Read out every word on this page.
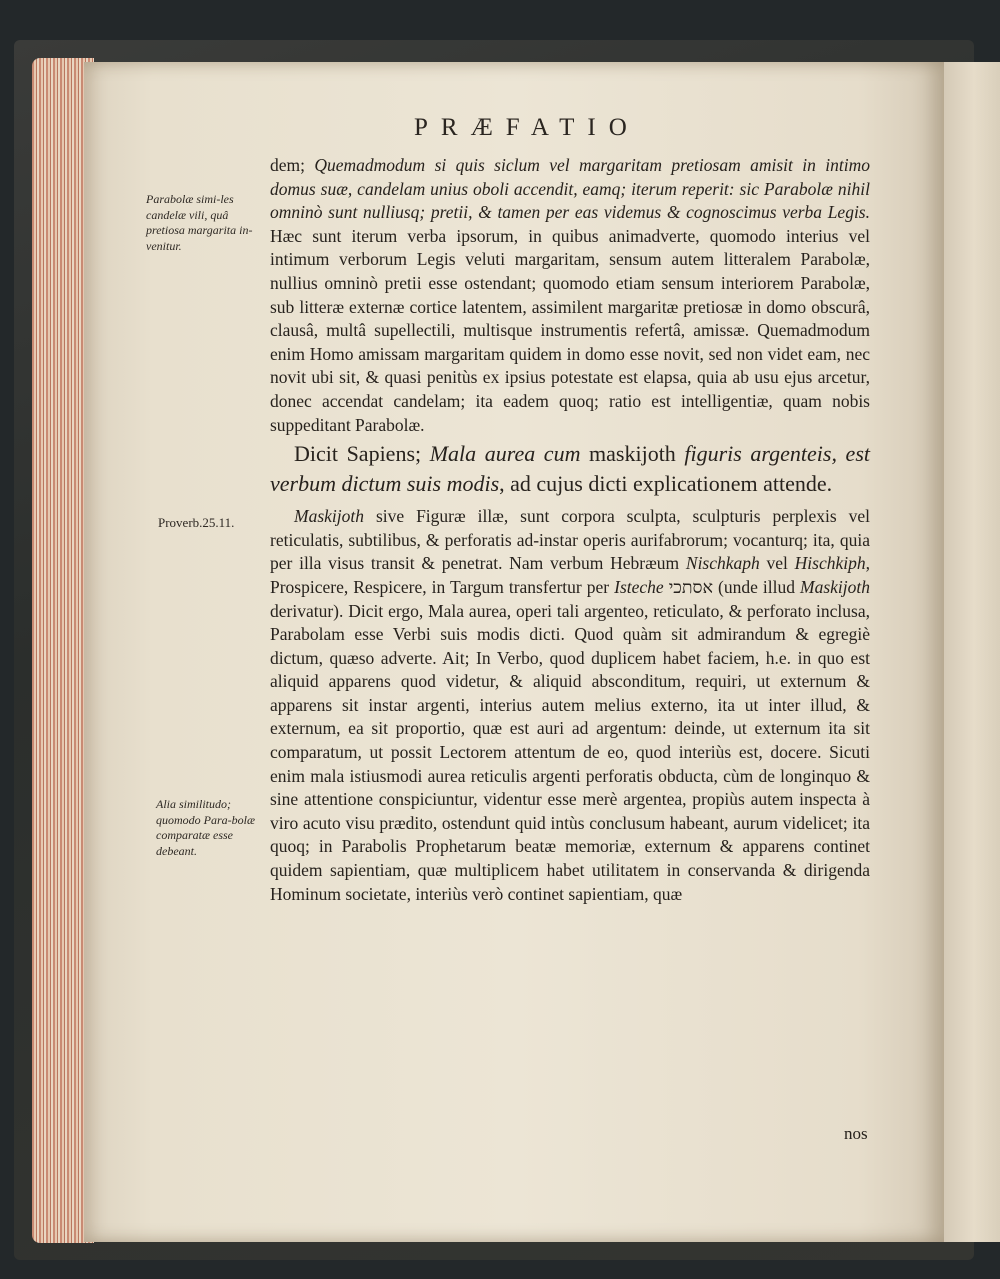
PRÆFATIO
Parabolæ simi-les candelæ vili, quâ pretiosa margarita in-venitur.
Proverb.25.11.
Alia similitudo; quomodo Para-bolæ comparatæ esse debeant.

dem; Quemadmodum si quis siclum vel margaritam pretiosam amisit in intimo domus suæ, candelam unius oboli accendit, eamq; iterum reperit: sic Parabolæ nihil omninò sunt nulliusq; pretii, & tamen per eas videmus & cognoscimus verba Legis. Hæc sunt iterum verba ipsorum, in quibus animadverte, quomodo interius vel intimum verborum Legis veluti margaritam, sensum autem litteralem Parabolæ, nullius omninò pretii esse ostendant; quomodo etiam sensum interiorem Parabolæ, sub litteræ externæ cortice latentem, assimilent margaritæ pretiosæ in domo obscurâ, clausâ, multâ supellectili, multisque instrumentis refertâ, amissæ. Quemadmodum enim Homo amissam margaritam quidem in domo esse novit, sed non videt eam, nec novit ubi sit, & quasi penitùs ex ipsius potestate est elapsa, quia ab usu ejus arcetur, donec accendat candelam; ita eadem quoq; ratio est intelligentiæ, quam nobis suppeditant Parabolæ.

Dicit Sapiens; Mala aurea cum maskijoth figuris argenteis, est verbum dictum suis modis, ad cujus dicti explicationem attende.

Maskijoth sive Figuræ illæ, sunt corpora sculpta, sculpturis perplexis vel reticulatis, subtilibus, & perforatis ad-instar operis aurifabrorum; vocanturq; ita, quia per illa visus transit & penetrat. Nam verbum Hebræum Nischkaph vel Hischkiph, Prospicere, Respicere, in Targum transfertur per Isteche אסתכי (unde illud Maskijoth derivatur). Dicit ergo, Mala aurea, operi tali argenteo, reticulato, & perforato inclusa, Parabolam esse Verbi suis modis dicti. Quod quàm sit admirandum & egregiè dictum, quæso adverte. Ait; In Verbo, quod duplicem habet faciem, h.e. in quo est aliquid apparens quod videtur, & aliquid absconditum, requiri, ut externum & apparens sit instar argenti, interius autem melius externo, ita ut inter illud, & externum, ea sit proportio, quæ est auri ad argentum: deinde, ut externum ita sit comparatum, ut possit Lectorem attentum de eo, quod interiùs est, docere. Sicuti enim mala istiusmodi aurea reticulis argenti perforatis obducta, cùm de longinquo & sine attentione conspiciuntur, videntur esse merè argentea, propiùs autem inspecta à viro acuto visu prædito, ostendunt quid intùs conclusum habeant, aurum videlicet; ita quoq; in Parabolis Prophetarum beatæ memoriæ, externum & apparens continet quidem sapientiam, quæ multiplicem habet utilitatem in conservanda & dirigenda Hominum societate, interiùs verò continet sapientiam, quæ

nos
